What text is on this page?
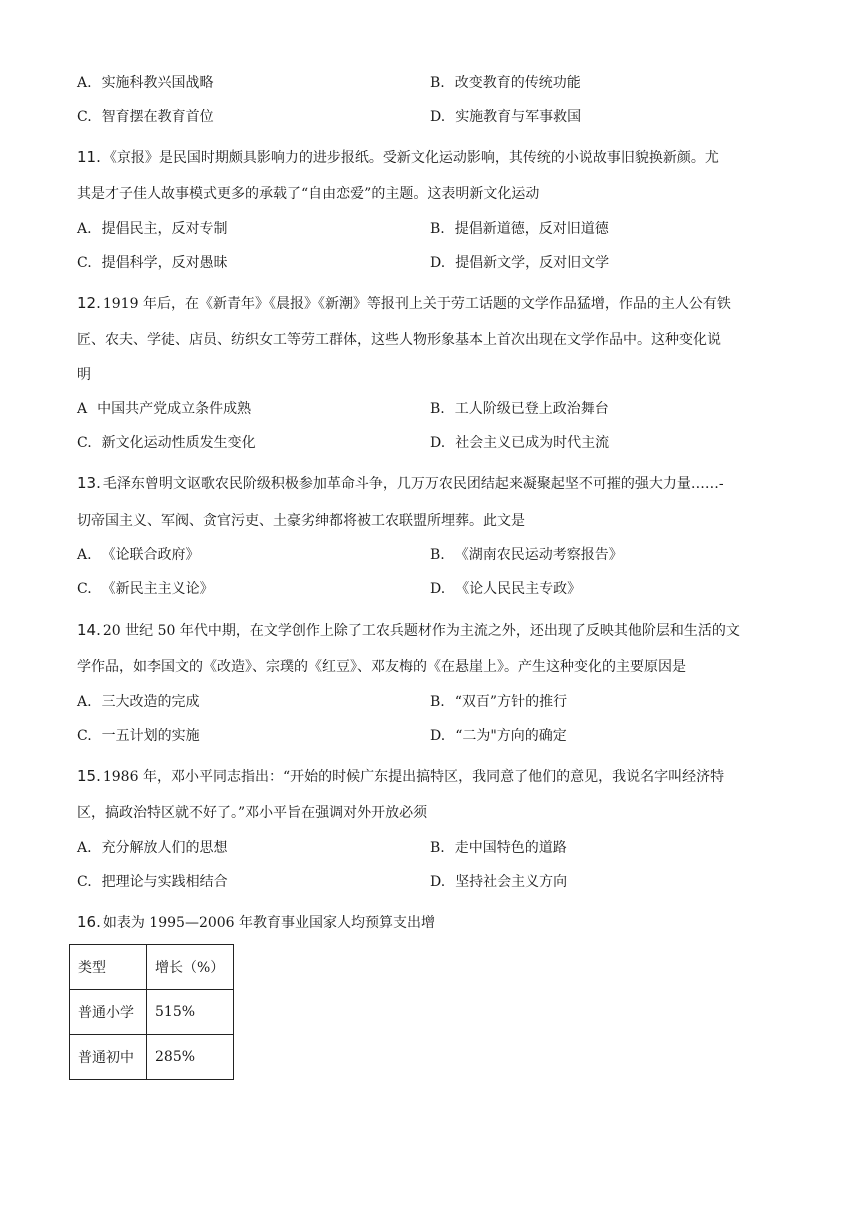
A. 实施科教兴国战略	B. 改变教育的传统功能
C. 智育摆在教育首位	D. 实施教育与军事救国
11. 《京报》是民国时期颇具影响力的进步报纸。受新文化运动影响，其传统的小说故事旧貌换新颜。尤
其是才子佳人故事模式更多的承载了“自由恋爱”的主题。这表明新文化运动
A. 提倡民主，反对专制	B. 提倡新道德，反对旧道德
C. 提倡科学，反对愚昧	D. 提倡新文学，反对旧文学
12. 1919 年后，在《新青年》《晨报》《新潮》等报刊上关于劳工话题的文学作品猛增，作品的主人公有铁
匠、农夫、学徒、店员、纺织女工等劳工群体，这些人物形象基本上首次出现在文学作品中。这种变化说
明
A 中国共产党成立条件成熟	B. 工人阶级已登上政治舞台
C. 新文化运动性质发生变化	D. 社会主义已成为时代主流
13. 毛泽东曾明文讴歌农民阶级积极参加革命斗争，几万万农民团结起来凝聚起坚不可摧的强大力量……-
切帝国主义、军阀、贪官污吏、土豪劣绅都将被工农联盟所埋葬。此文是
A. 《论联合政府》	B. 《湖南农民运动考察报告》
C. 《新民主主义论》	D. 《论人民民主专政》
14. 20 世纪 50 年代中期，在文学创作上除了工农兵题材作为主流之外，还出现了反映其他阶层和生活的文
学作品，如李国文的《改造》、宗璞的《红豆》、邓友梅的《在悬崖上》。产生这种变化的主要原因是
A. 三大改造的完成	B. “双百”方针的推行
C. 一五计划的实施	D. “二为"方向的确定
15. 1986 年，邓小平同志指出：“开始的时候广东提出搞特区，我同意了他们的意见，我说名字叫经济特
区，搞政治特区就不好了。”邓小平旨在强调对外开放必须
A. 充分解放人们的思想	B. 走中国特色的道路
C. 把理论与实践相结合	D. 坚持社会主义方向
16. 如表为 1995—2006 年教育事业国家人均预算支出增
类型	增长（%）
普通小学	515%
普通初中	285%
